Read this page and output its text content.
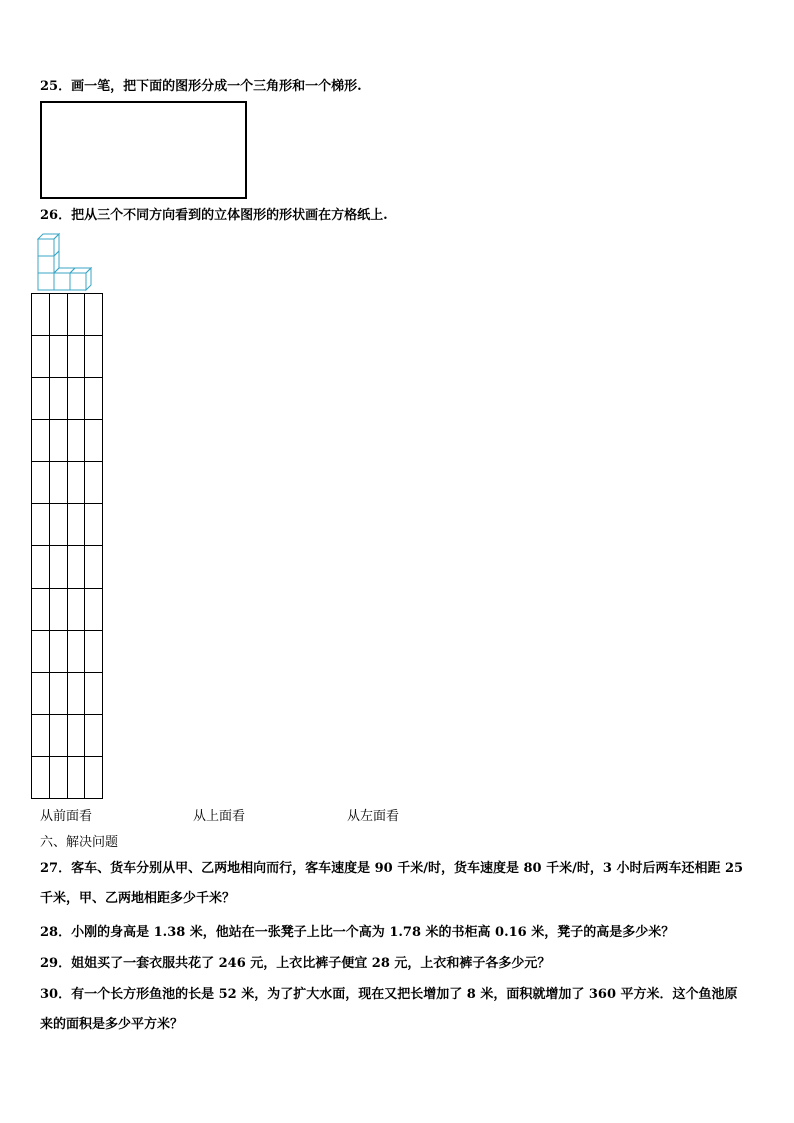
25．画一笔，把下面的图形分成一个三角形和一个梯形.
26．把从三个不同方向看到的立体图形的形状画在方格纸上.

从前面看	从上面看	从左面看
六、解决问题
27．客车、货车分别从甲、乙两地相向而行，客车速度是 90 千米/时，货车速度是 80 千米/时，3 小时后两车还相距 25
千米，甲、乙两地相距多少千米？
28．小刚的身高是 1.38 米，他站在一张凳子上比一个高为 1.78 米的书柜高 0.16 米，凳子的高是多少米？
29．姐姐买了一套衣服共花了 246 元，上衣比裤子便宜 28 元，上衣和裤子各多少元？
30．有一个长方形鱼池的长是 52 米，为了扩大水面，现在又把长增加了 8 米，面积就增加了 360 平方米．这个鱼池原
来的面积是多少平方米？
